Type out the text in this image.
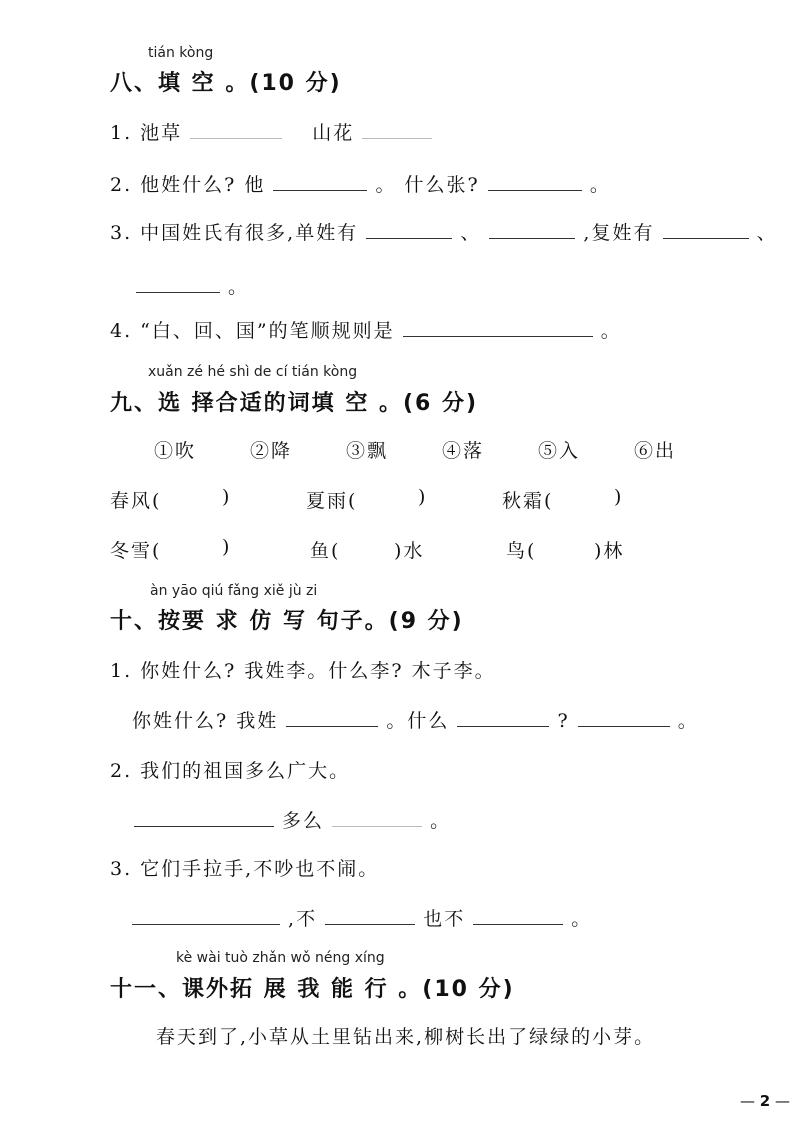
tián kòng
八、填 空 。(10 分)
1. 池草	山花
2. 他姓什么? 他	。 什么张?	。
3. 中国姓氏有很多,单姓有	、	,复姓有	、
。
4. “白、回、国”的笔顺规则是	。
xuǎn zé hé shì de cí tián kòng
九、选 择合适的词填 空 。(6 分)
①吹	②降	③飘	④落	⑤入	⑥出
春风(	)	夏雨(	)	秋霜(	)
冬雪(	)	鱼(	)水	鸟(	)林
àn yāo qiú fǎng xiě jù zi
十、按要 求 仿 写 句子。(9 分)
1. 你姓什么? 我姓李。什么李? 木子李。
你姓什么? 我姓	。什么	?	。
2. 我们的祖国多么广大。
多么	。
3. 它们手拉手,不吵也不闹。
,不	也不	。
kè wài tuò zhǎn wǒ néng xíng
十一、课外拓 展 我 能 行 。(10 分)
春天到了,小草从土里钻出来,柳树长出了绿绿的小芽。
— 2 —
